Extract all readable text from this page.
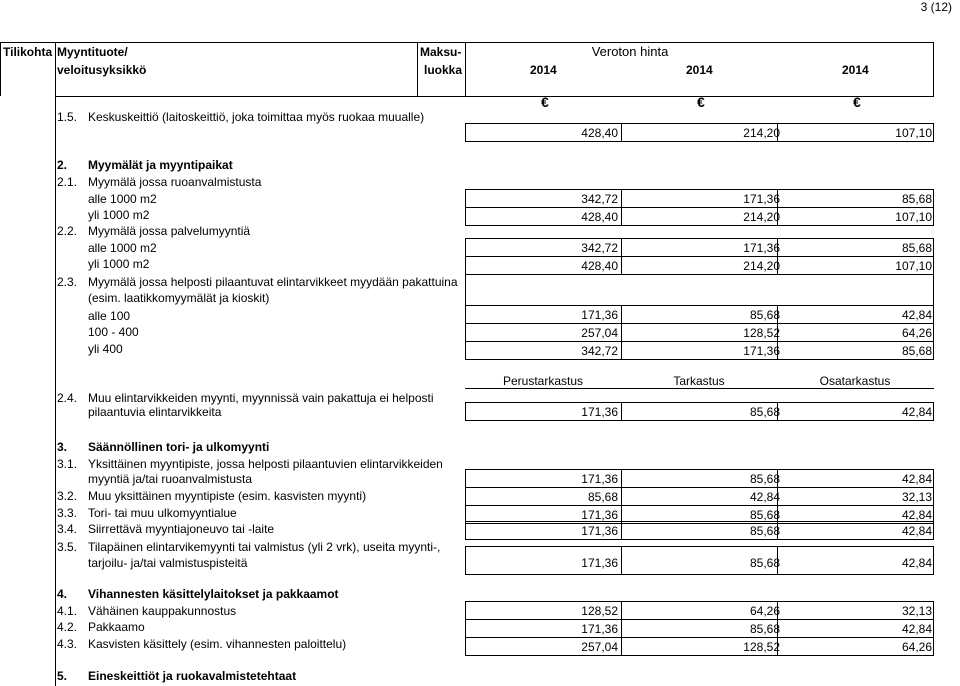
3 (12)
Tilikohta Myyntituote/
veloitusyksikkö
Maksu-
luokka
Veroton hinta
2014	2014	2014
€	€	€
1.5. Keskuskeittiö (laitoskeittiö, joka toimittaa myös ruokaa muualle)
428,40	214,20	107,10
2. Myymälät ja myyntipaikat
2.1. Myymälä jossa ruoanvalmistusta
alle 1000 m2	342,72	171,36	85,68
yli 1000 m2	428,40	214,20	107,10
2.2. Myymälä jossa palvelumyyntiä
alle 1000 m2	342,72	171,36	85,68
yli 1000 m2	428,40	214,20	107,10
2.3. Myymälä jossa helposti pilaantuvat elintarvikkeet myydään pakattuina
(esim. laatikkomyymälät ja kioskit)
alle 100	171,36	85,68	42,84
100 - 400	257,04	128,52	64,26
yli 400	342,72	171,36	85,68
Perustarkastus	Tarkastus	Osatarkastus
2.4. Muu elintarvikkeiden myynti, myynnissä vain pakattuja ei helposti
pilaantuvia elintarvikkeita	171,36	85,68	42,84
3. Säännöllinen tori- ja ulkomyynti
3.1. Yksittäinen myyntipiste, jossa helposti pilaantuvien elintarvikkeiden
myyntiä ja/tai ruoanvalmistusta	171,36	85,68	42,84
3.2. Muu yksittäinen myyntipiste (esim. kasvisten myynti)	85,68	42,84	32,13
3.3. Tori- tai muu ulkomyyntialue	171,36	85,68	42,84
3.4. Siirrettävä myyntiajoneuvo tai -laite	171,36	85,68	42,84
3.5. Tilapäinen elintarvikemyynti tai valmistus (yli 2 vrk), useita myynti-,
tarjoilu- ja/tai valmistuspisteitä	171,36	85,68	42,84
4. Vihannesten käsittelylaitokset ja pakkaamot
4.1. Vähäinen kauppakunnostus	128,52	64,26	32,13
4.2. Pakkaamo	171,36	85,68	42,84
4.3. Kasvisten käsittely (esim. vihannesten paloittelu)	257,04	128,52	64,26
5. Eineskeittiöt ja ruokavalmistetehtaat
